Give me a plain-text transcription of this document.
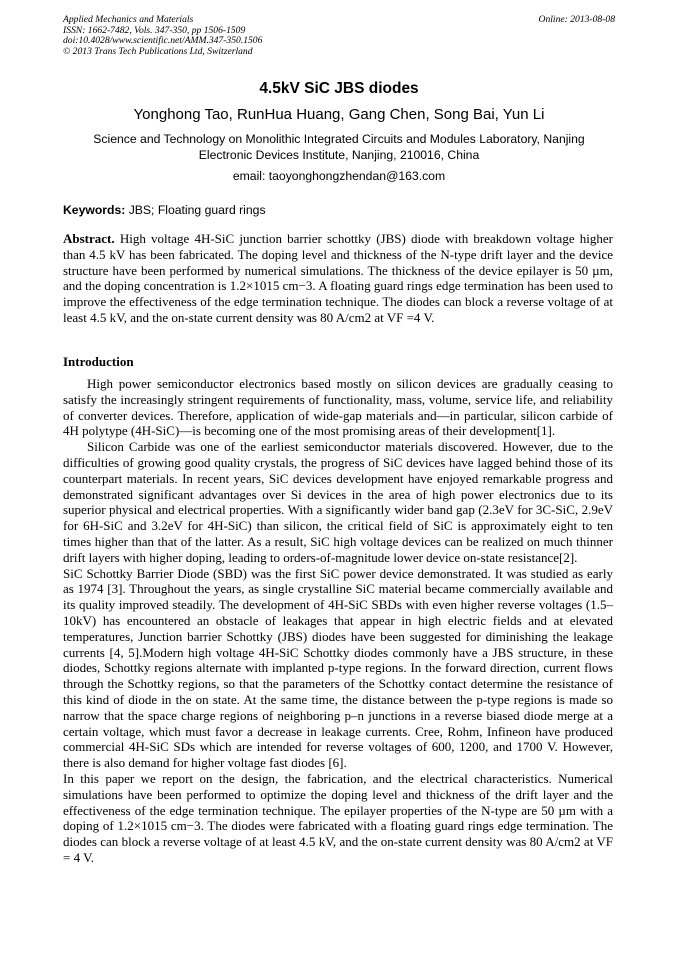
Applied Mechanics and Materials
ISSN: 1662-7482, Vols. 347-350, pp 1506-1509
doi:10.4028/www.scientific.net/AMM.347-350.1506
© 2013 Trans Tech Publications Ltd, Switzerland
Online: 2013-08-08
4.5kV SiC JBS diodes
Yonghong Tao, RunHua Huang, Gang Chen, Song Bai, Yun Li
Science and Technology on Monolithic Integrated Circuits and Modules Laboratory, Nanjing Electronic Devices Institute, Nanjing, 210016, China
email: taoyonghongzhendan@163.com
Keywords: JBS; Floating guard rings
Abstract. High voltage 4H-SiC junction barrier schottky (JBS) diode with breakdown voltage higher than 4.5 kV has been fabricated. The doping level and thickness of the N-type drift layer and the device structure have been performed by numerical simulations. The thickness of the device epilayer is 50 µm, and the doping concentration is 1.2×1015 cm−3. A floating guard rings edge termination has been used to improve the effectiveness of the edge termination technique. The diodes can block a reverse voltage of at least 4.5 kV, and the on-state current density was 80 A/cm2 at VF =4 V.
Introduction

High power semiconductor electronics based mostly on silicon devices are gradually ceasing to satisfy the increasingly stringent requirements of functionality, mass, volume, service life, and reliability of converter devices. Therefore, application of wide-gap materials and—in particular, silicon carbide of 4H polytype (4H-SiC)—is becoming one of the most promising areas of their development[1].

Silicon Carbide was one of the earliest semiconductor materials discovered. However, due to the difficulties of growing good quality crystals, the progress of SiC devices have lagged behind those of its counterpart materials. In recent years, SiC devices development have enjoyed remarkable progress and demonstrated significant advantages over Si devices in the area of high power electronics due to its superior physical and electrical properties. With a significantly wider band gap (2.3eV for 3C-SiC, 2.9eV for 6H-SiC and 3.2eV for 4H-SiC) than silicon, the critical field of SiC is approximately eight to ten times higher than that of the latter. As a result, SiC high voltage devices can be realized on much thinner drift layers with higher doping, leading to orders-of-magnitude lower device on-state resistance[2].

SiC Schottky Barrier Diode (SBD) was the first SiC power device demonstrated. It was studied as early as 1974 [3]. Throughout the years, as single crystalline SiC material became commercially available and its quality improved steadily. The development of 4H-SiC SBDs with even higher reverse voltages (1.5–10kV) has encountered an obstacle of leakages that appear in high electric fields and at elevated temperatures, Junction barrier Schottky (JBS) diodes have been suggested for diminishing the leakage currents [4, 5].Modern high voltage 4H-SiC Schottky diodes commonly have a JBS structure, in these diodes, Schottky regions alternate with implanted p-type regions. In the forward direction, current flows through the Schottky regions, so that the parameters of the Schottky contact determine the resistance of this kind of diode in the on state. At the same time, the distance between the p-type regions is made so narrow that the space charge regions of neighboring p–n junctions in a reverse biased diode merge at a certain voltage, which must favor a decrease in leakage currents. Cree, Rohm, Infineon have produced commercial 4H-SiC SDs which are intended for reverse voltages of 600, 1200, and 1700 V. However, there is also demand for higher voltage fast diodes [6].

In this paper we report on the design, the fabrication, and the electrical characteristics. Numerical simulations have been performed to optimize the doping level and thickness of the drift layer and the effectiveness of the edge termination technique. The epilayer properties of the N-type are 50 µm with a doping of 1.2×1015 cm−3. The diodes were fabricated with a floating guard rings edge termination. The diodes can block a reverse voltage of at least 4.5 kV, and the on-state current density was 80 A/cm2 at VF = 4 V.
